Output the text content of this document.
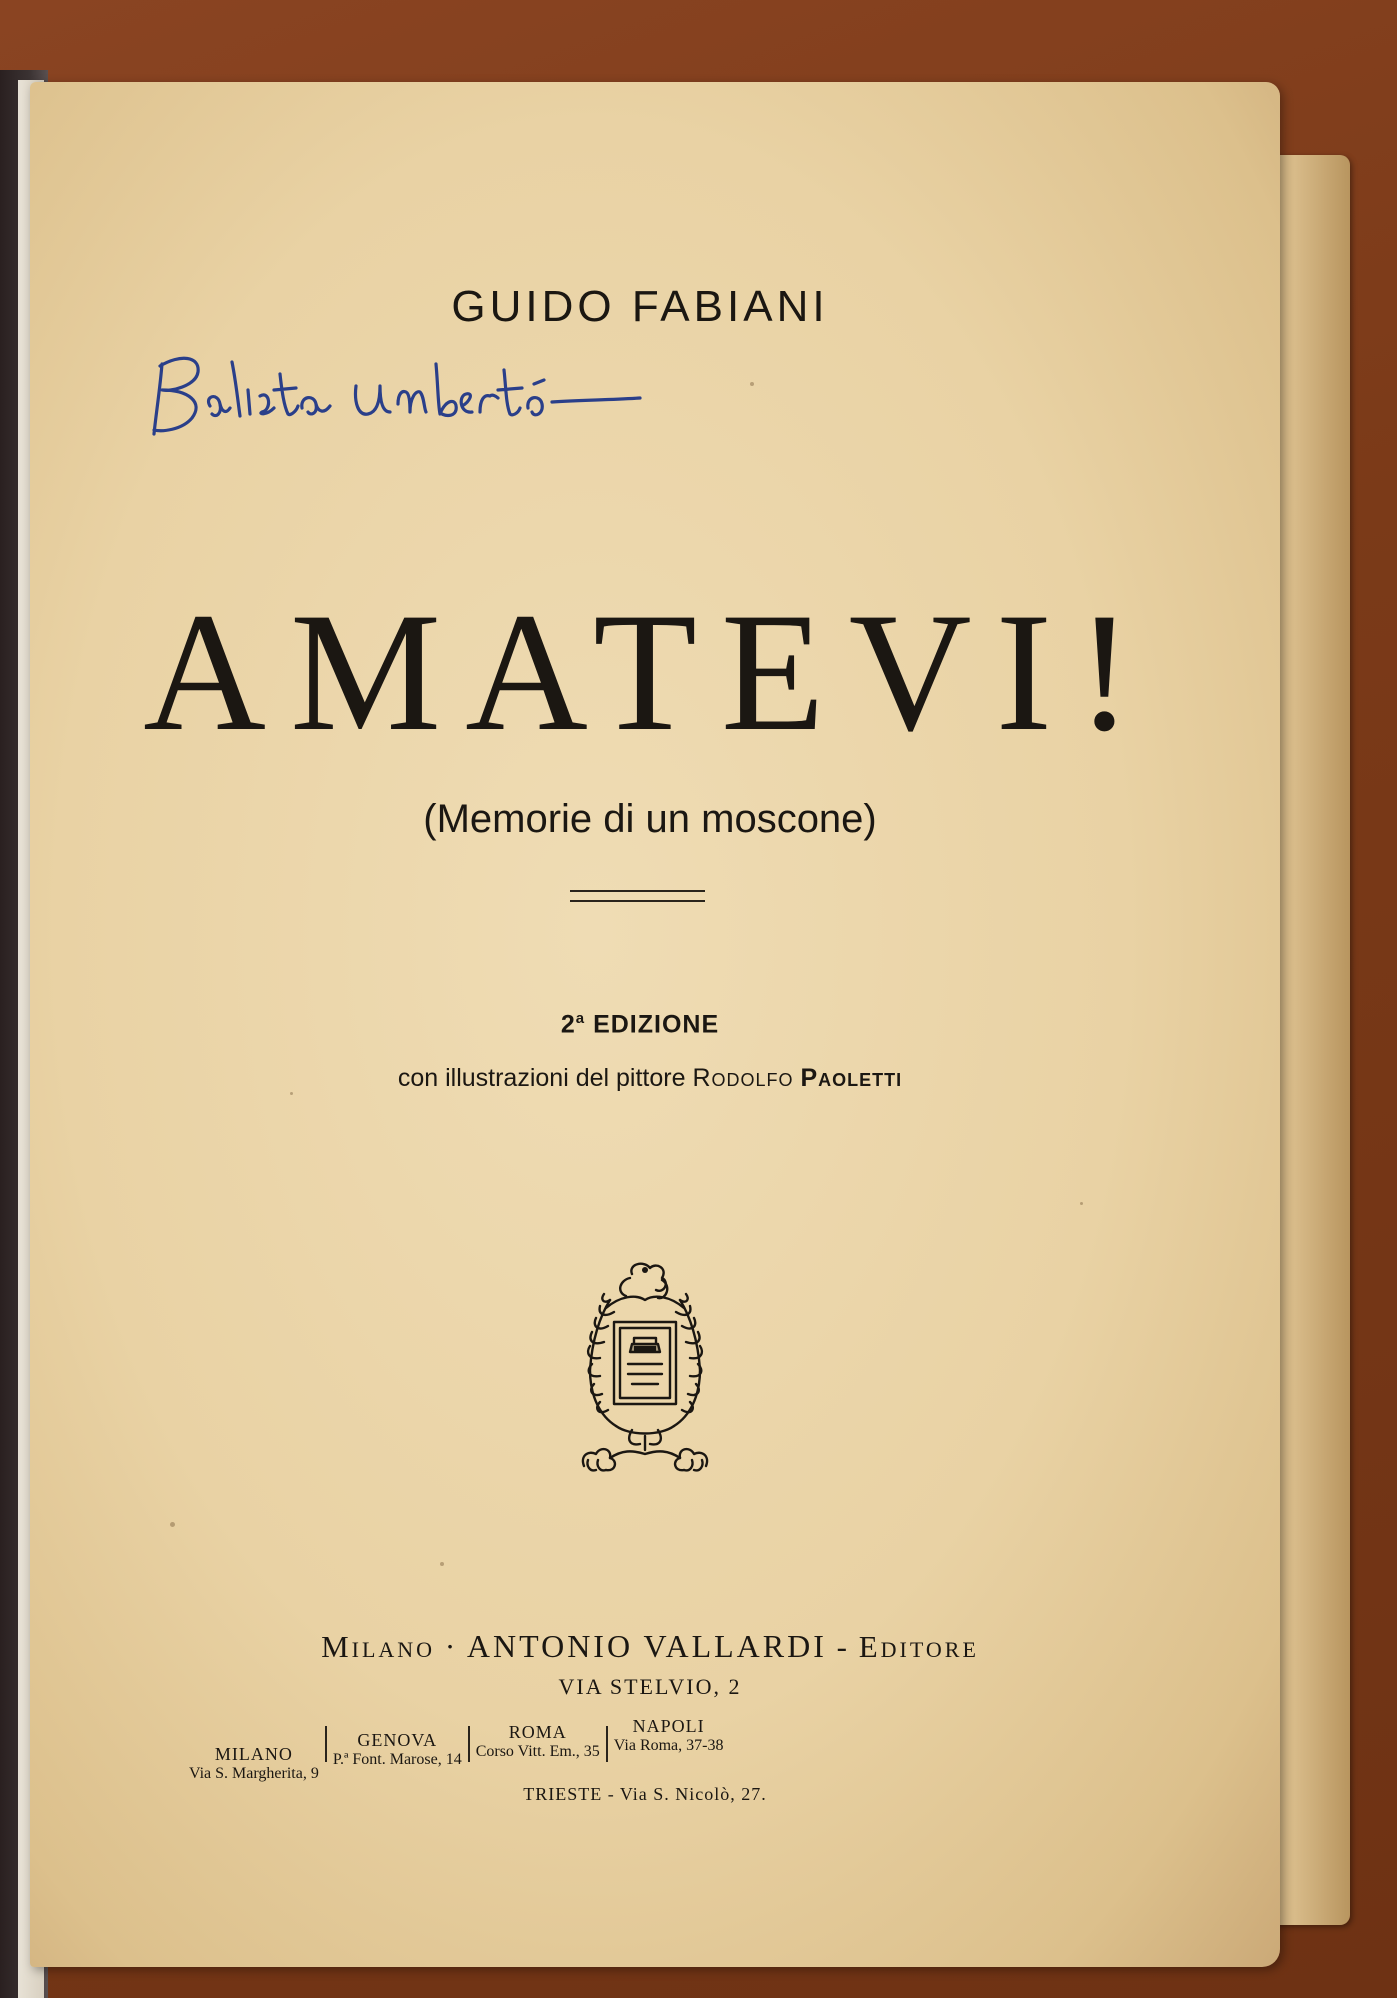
GUIDO FABIANI
AMATEVI!
(Memorie di un moscone)
2$^a$ EDIZIONE
con illustrazioni del pittore Rodolfo Paoletti
Milano · ANTONIO VALLARDI - Editore
VIA STELVIO, 2
MILANO
Via S. Margherita, 9
GENOVA
P.ª Font. Marose, 14
ROMA
Corso Vitt. Em., 35
NAPOLI
Via Roma, 37-38
TRIESTE - Via S. Nicolò, 27.
